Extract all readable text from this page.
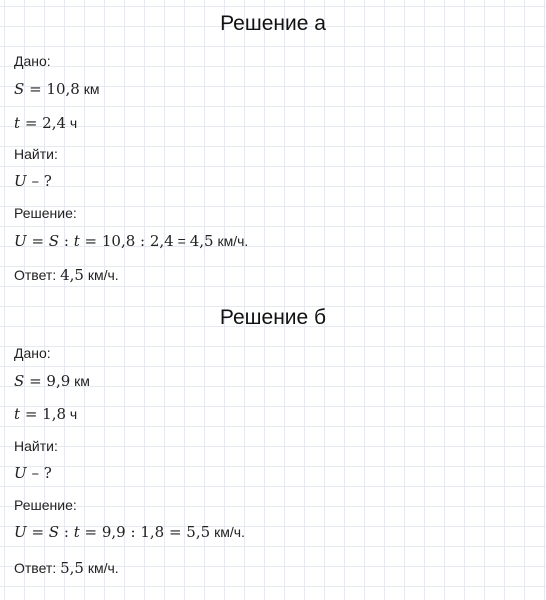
Решение а
Дано:
S = 10,8 км
t = 2,4 ч
Найти:
U – ?
Решение:
U = S : t = 10,8 : 2,4 = 4,5 км/ч.
Ответ: 4,5 км/ч.
Решение б
Дано:
S = 9,9 км
t = 1,8 ч
Найти:
U – ?
Решение:
U = S : t = 9,9 : 1,8 = 5,5 км/ч.
Ответ: 5,5 км/ч.
